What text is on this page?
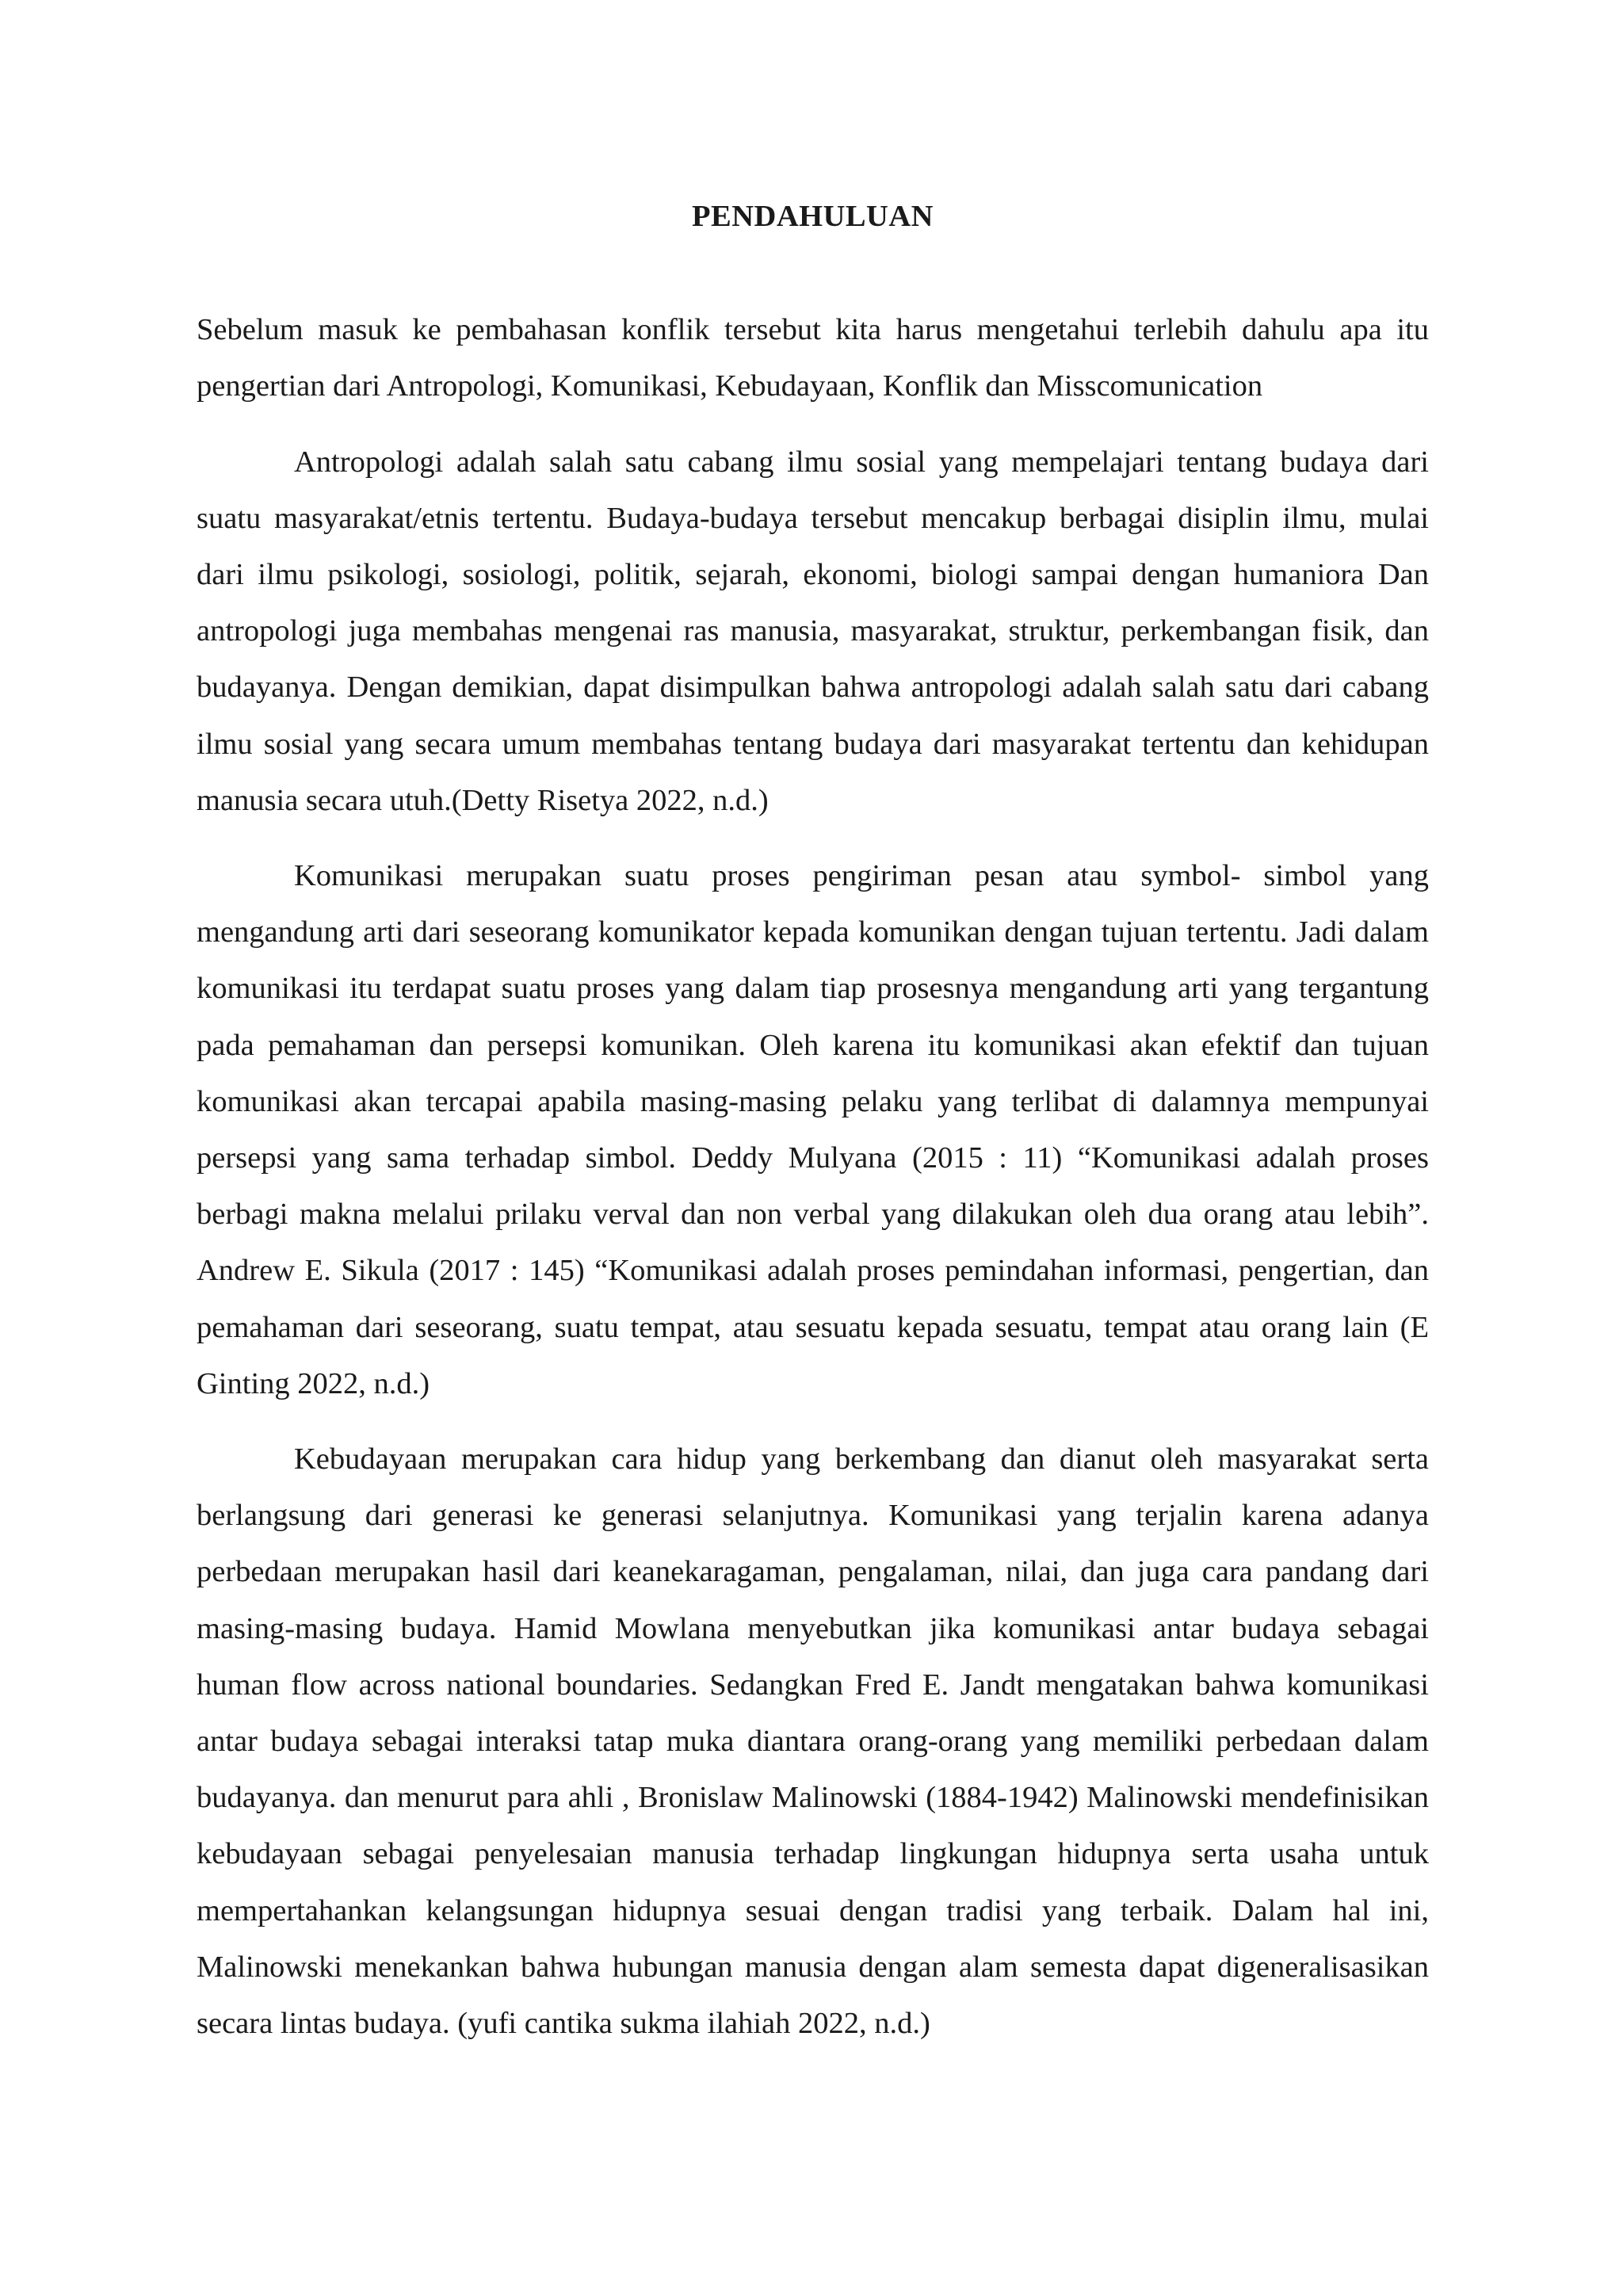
PENDAHULUAN

Sebelum masuk ke pembahasan konflik tersebut kita harus mengetahui terlebih dahulu apa itu pengertian dari Antropologi, Komunikasi, Kebudayaan, Konflik dan Misscomunication

Antropologi adalah salah satu cabang ilmu sosial yang mempelajari tentang budaya dari suatu masyarakat/etnis tertentu. Budaya-budaya tersebut mencakup berbagai disiplin ilmu, mulai dari ilmu psikologi, sosiologi, politik, sejarah, ekonomi, biologi sampai dengan humaniora Dan antropologi juga membahas mengenai ras manusia, masyarakat, struktur, perkembangan fisik, dan budayanya. Dengan demikian, dapat disimpulkan bahwa antropologi adalah salah satu dari cabang ilmu sosial yang secara umum membahas tentang budaya dari masyarakat tertentu dan kehidupan manusia secara utuh.(Detty Risetya 2022, n.d.)

Komunikasi merupakan suatu proses pengiriman pesan atau symbol- simbol yang mengandung arti dari seseorang komunikator kepada komunikan dengan tujuan tertentu. Jadi dalam komunikasi itu terdapat suatu proses yang dalam tiap prosesnya mengandung arti yang tergantung pada pemahaman dan persepsi komunikan. Oleh karena itu komunikasi akan efektif dan tujuan komunikasi akan tercapai apabila masing-masing pelaku yang terlibat di dalamnya mempunyai persepsi yang sama terhadap simbol. Deddy Mulyana (2015 : 11) “Komunikasi adalah proses berbagi makna melalui prilaku verval dan non verbal yang dilakukan oleh dua orang atau lebih”. Andrew E. Sikula (2017 : 145) “Komunikasi adalah proses pemindahan informasi, pengertian, dan pemahaman dari seseorang, suatu tempat, atau sesuatu kepada sesuatu, tempat atau orang lain (E Ginting 2022, n.d.)

Kebudayaan merupakan cara hidup yang berkembang dan dianut oleh masyarakat serta berlangsung dari generasi ke generasi selanjutnya. Komunikasi yang terjalin karena adanya perbedaan merupakan hasil dari keanekaragaman, pengalaman, nilai, dan juga cara pandang dari masing-masing budaya. Hamid Mowlana menyebutkan jika komunikasi antar budaya sebagai human flow across national boundaries. Sedangkan Fred E. Jandt mengatakan bahwa komunikasi antar budaya sebagai interaksi tatap muka diantara orang-orang yang memiliki perbedaan dalam budayanya. dan menurut para ahli , Bronislaw Malinowski (1884-1942) Malinowski mendefinisikan kebudayaan sebagai penyelesaian manusia terhadap lingkungan hidupnya serta usaha untuk mempertahankan kelangsungan hidupnya sesuai dengan tradisi yang terbaik. Dalam hal ini, Malinowski menekankan bahwa hubungan manusia dengan alam semesta dapat digeneralisasikan secara lintas budaya. (yufi cantika sukma ilahiah 2022, n.d.)
